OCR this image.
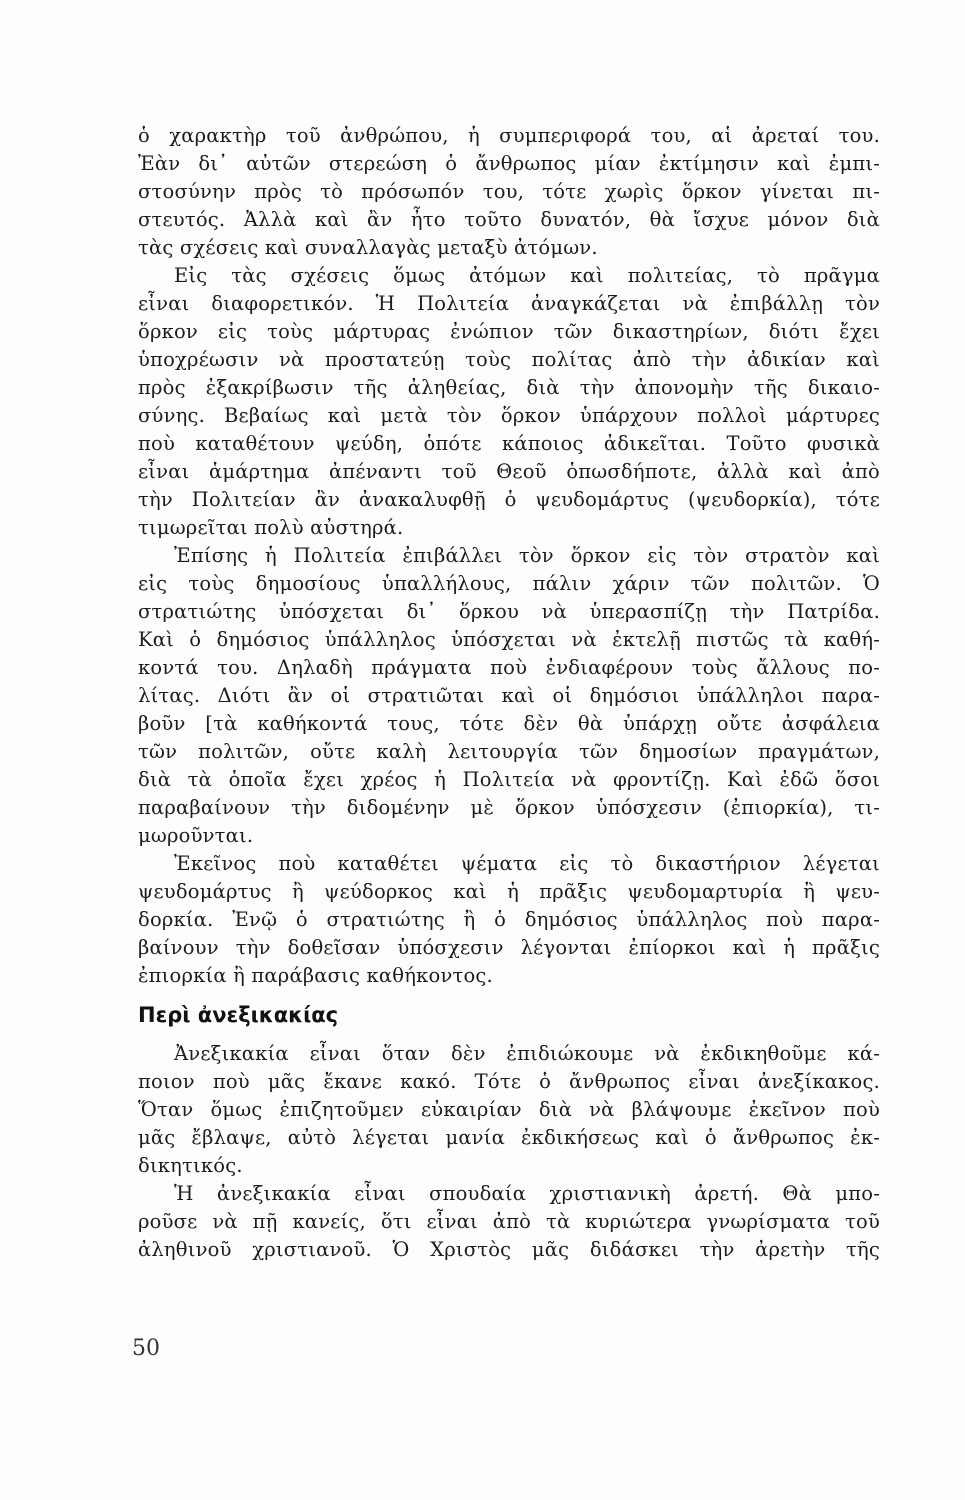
ὁ χαρακτὴρ τοῦ ἀνθρώπου, ἡ συμπεριφορά του, αἱ ἀρεταί του.
Ἐὰν δι᾽ αὐτῶν στερεώση ὁ ἄνθρωπος μίαν ἐκτίμησιν καὶ ἐμπι-
στοσύνην πρὸς τὸ πρόσωπόν του, τότε χωρὶς ὅρκον γίνεται πι-
στευτός. Ἀλλὰ καὶ ἂν ἦτο τοῦτο δυνατόν, θὰ ἴσχυε μόνον διὰ
τὰς σχέσεις καὶ συναλλαγὰς μεταξὺ ἀτόμων.
Εἰς τὰς σχέσεις ὅμως ἀτόμων καὶ πολιτείας, τὸ πρᾶγμα
εἶναι διαφορετικόν. Ἡ Πολιτεία ἀναγκάζεται νὰ ἐπιβάλλῃ τὸν
ὅρκον εἰς τοὺς μάρτυρας ἐνώπιον τῶν δικαστηρίων, διότι ἔχει
ὑποχρέωσιν νὰ προστατεύῃ τοὺς πολίτας ἀπὸ τὴν ἀδικίαν καὶ
πρὸς ἐξακρίβωσιν τῆς ἀληθείας, διὰ τὴν ἀπονομὴν τῆς δικαιο-
σύνης. Βεβαίως καὶ μετὰ τὸν ὅρκον ὑπάρχουν πολλοὶ μάρτυρες
ποὺ καταθέτουν ψεύδη, ὁπότε κάποιος ἀδικεῖται. Τοῦτο φυσικὰ
εἶναι ἁμάρτημα ἀπέναντι τοῦ Θεοῦ ὁπωσδήποτε, ἀλλὰ καὶ ἀπὸ
τὴν Πολιτείαν ἂν ἀνακαλυφθῇ ὁ ψευδομάρτυς (ψευδορκία), τότε
τιμωρεῖται πολὺ αὐστηρά.
Ἐπίσης ἡ Πολιτεία ἐπιβάλλει τὸν ὅρκον εἰς τὸν στρατὸν καὶ
εἰς τοὺς δημοσίους ὑπαλλήλους, πάλιν χάριν τῶν πολιτῶν. Ὁ
στρατιώτης ὑπόσχεται δι᾽ ὅρκου νὰ ὑπερασπίζῃ τὴν Πατρίδα.
Καὶ ὁ δημόσιος ὑπάλληλος ὑπόσχεται νὰ ἐκτελῇ πιστῶς τὰ καθή-
κοντά του. Δηλαδὴ πράγματα ποὺ ἐνδιαφέρουν τοὺς ἄλλους πο-
λίτας. Διότι ἂν οἱ στρατιῶται καὶ οἱ δημόσιοι ὑπάλληλοι παρα-
βοῦν [τὰ καθήκοντά τους, τότε δὲν θὰ ὑπάρχῃ οὔτε ἀσφάλεια
τῶν πολιτῶν, οὔτε καλὴ λειτουργία τῶν δημοσίων πραγμάτων,
διὰ τὰ ὁποῖα ἔχει χρέος ἡ Πολιτεία νὰ φροντίζῃ. Καὶ ἐδῶ ὅσοι
παραβαίνουν τὴν διδομένην μὲ ὅρκον ὑπόσχεσιν (ἐπιορκία), τι-
μωροῦνται.
Ἐκεῖνος ποὺ καταθέτει ψέματα εἰς τὸ δικαστήριον λέγεται
ψευδομάρτυς ἢ ψεύδορκος καὶ ἡ πρᾶξις ψευδομαρτυρία ἢ ψευ-
δορκία. Ἐνῷ ὁ στρατιώτης ἢ ὁ δημόσιος ὑπάλληλος ποὺ παρα-
βαίνουν τὴν δοθεῖσαν ὑπόσχεσιν λέγονται ἐπίορκοι καὶ ἡ πρᾶξις
ἐπιορκία ἢ παράβασις καθήκοντος.
Περὶ ἀνεξικακίας
Ἀνεξικακία εἶναι ὅταν δὲν ἐπιδιώκουμε νὰ ἐκδικηθοῦμε κά-
ποιον ποὺ μᾶς ἔκανε κακό. Τότε ὁ ἄνθρωπος εἶναι ἀνεξίκακος.
Ὅταν ὅμως ἐπιζητοῦμεν εὐκαιρίαν διὰ νὰ βλάψουμε ἐκεῖνον ποὺ
μᾶς ἔβλαψε, αὐτὸ λέγεται μανία ἐκδικήσεως καὶ ὁ ἄνθρωπος ἐκ-
δικητικός.
Ἡ ἀνεξικακία εἶναι σπουδαία χριστιανικὴ ἀρετή. Θὰ μπο-
ροῦσε νὰ πῇ κανείς, ὅτι εἶναι ἀπὸ τὰ κυριώτερα γνωρίσματα τοῦ
ἀληθινοῦ χριστιανοῦ. Ὁ Χριστὸς μᾶς διδάσκει τὴν ἀρετὴν τῆς
50
